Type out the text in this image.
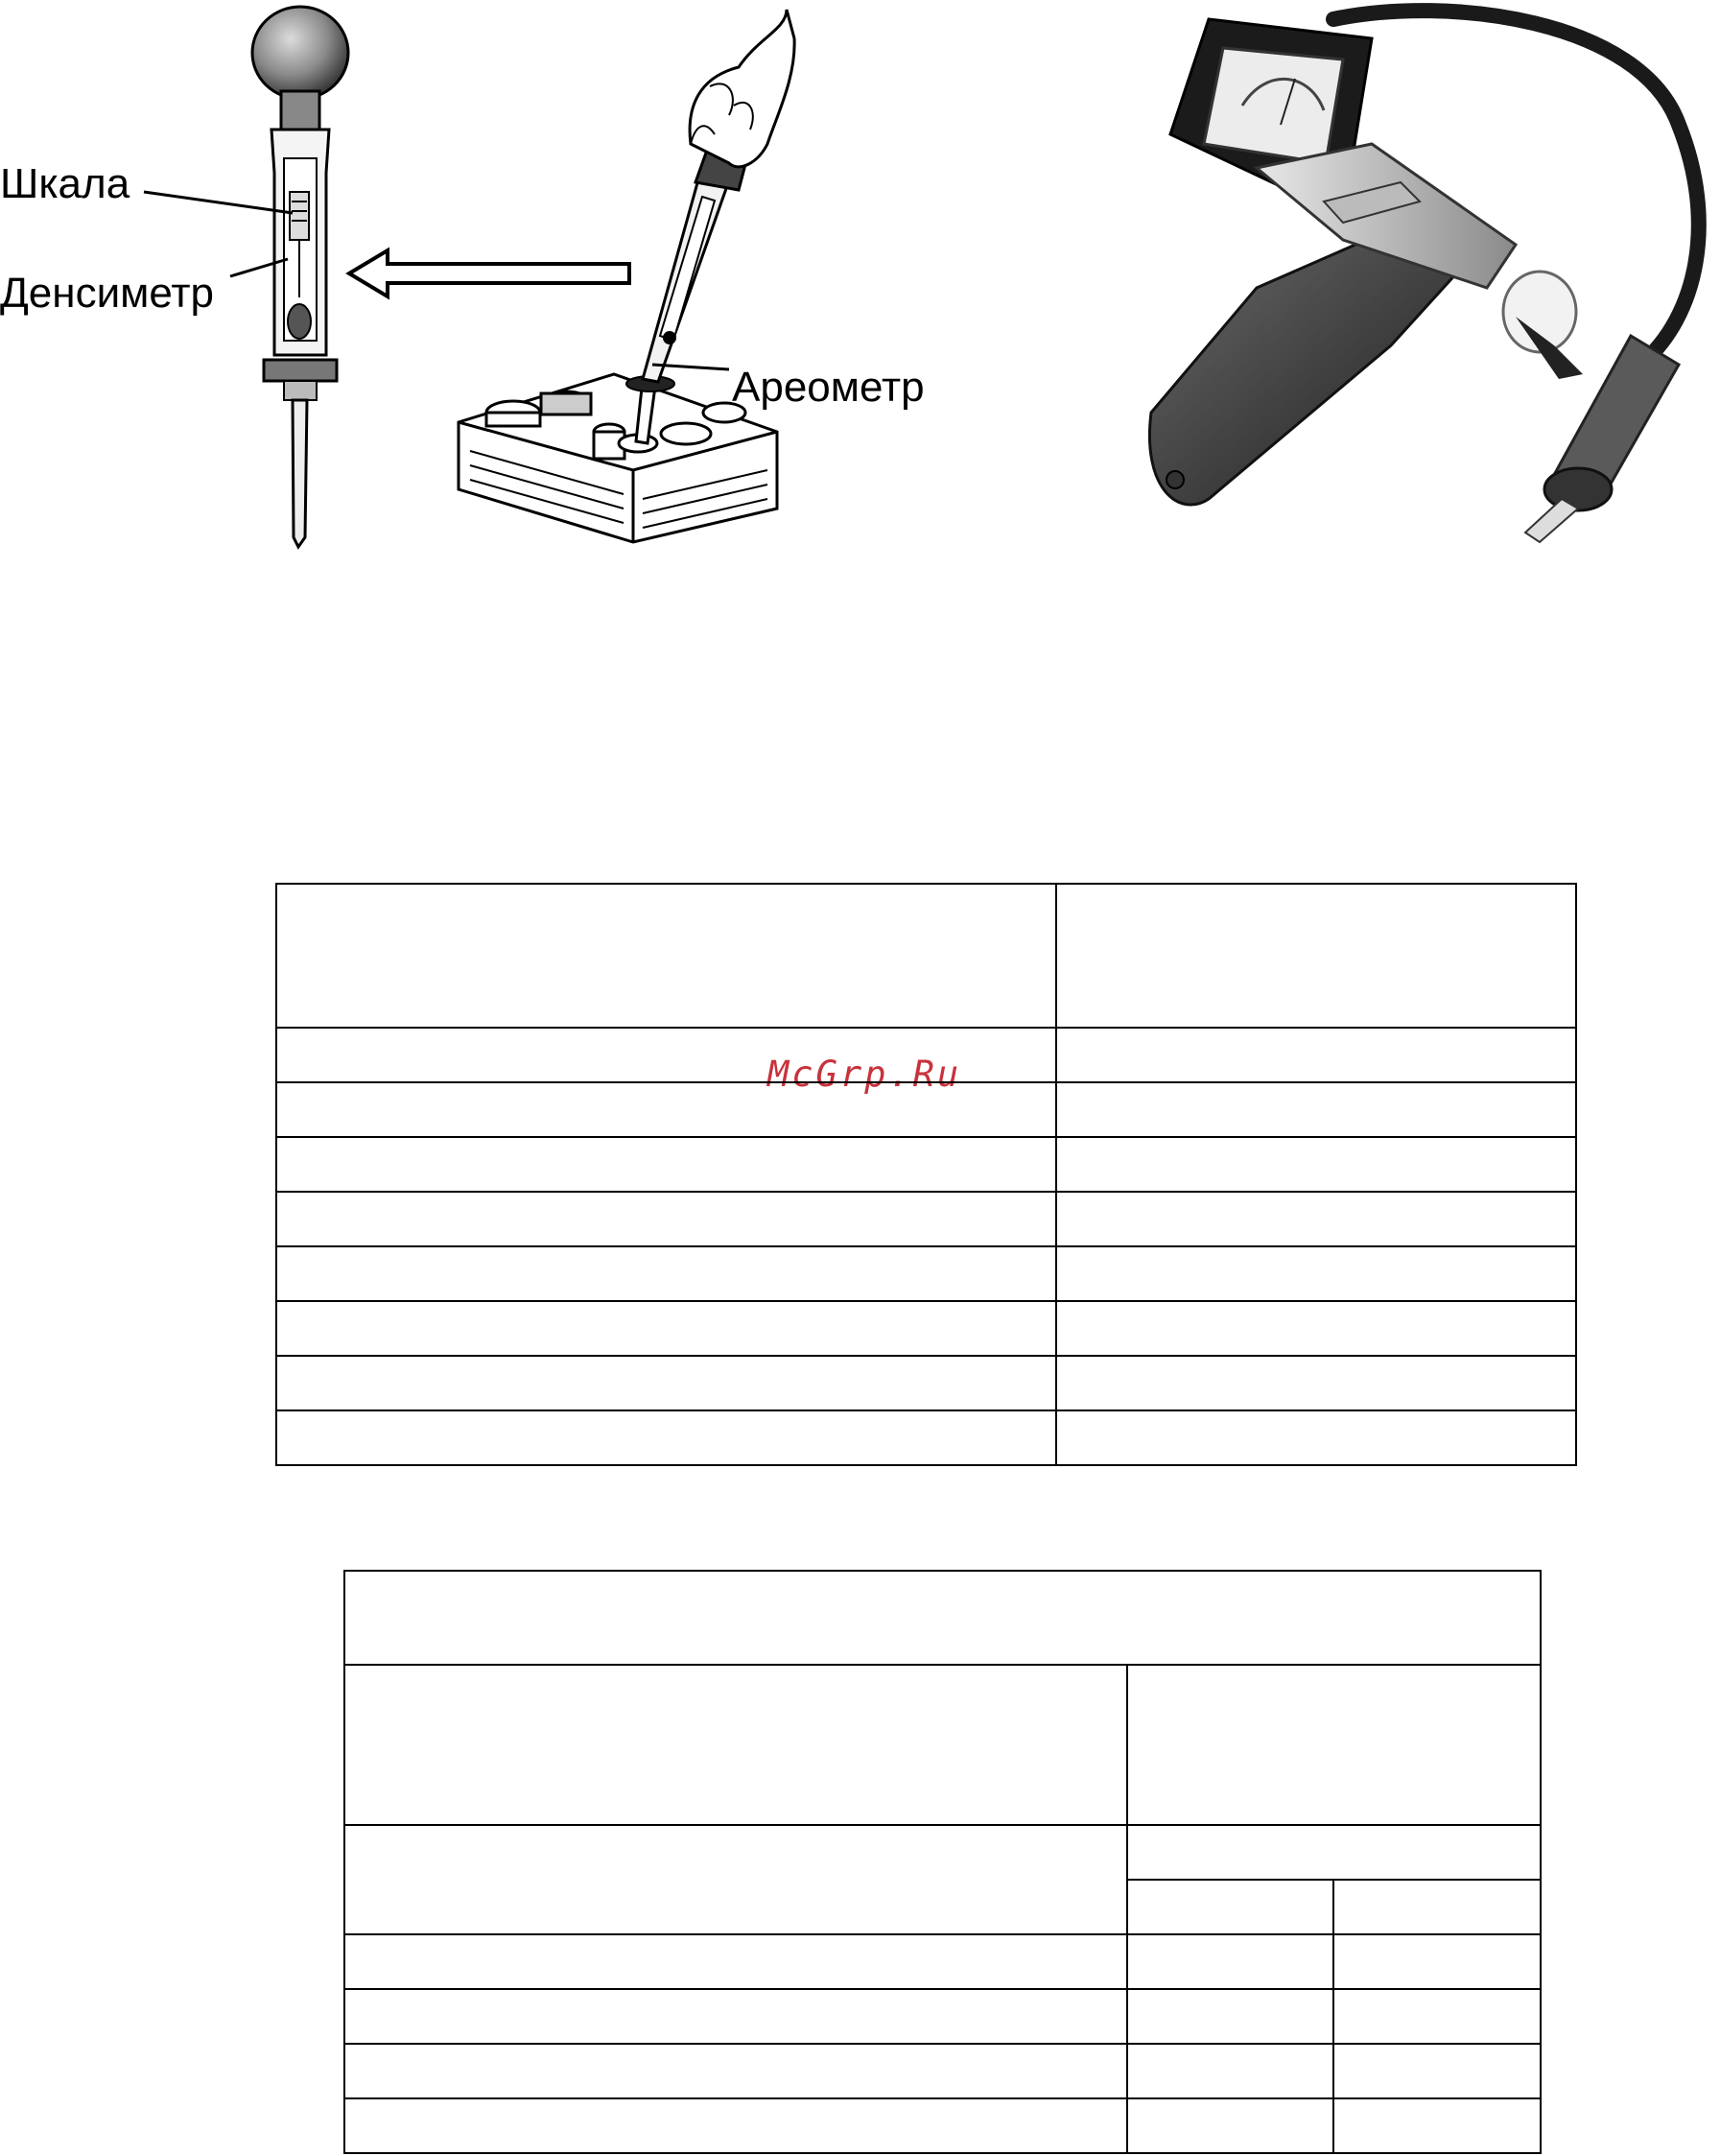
Шкала
Денсиметр
Ареометр
McGrp.Ru
